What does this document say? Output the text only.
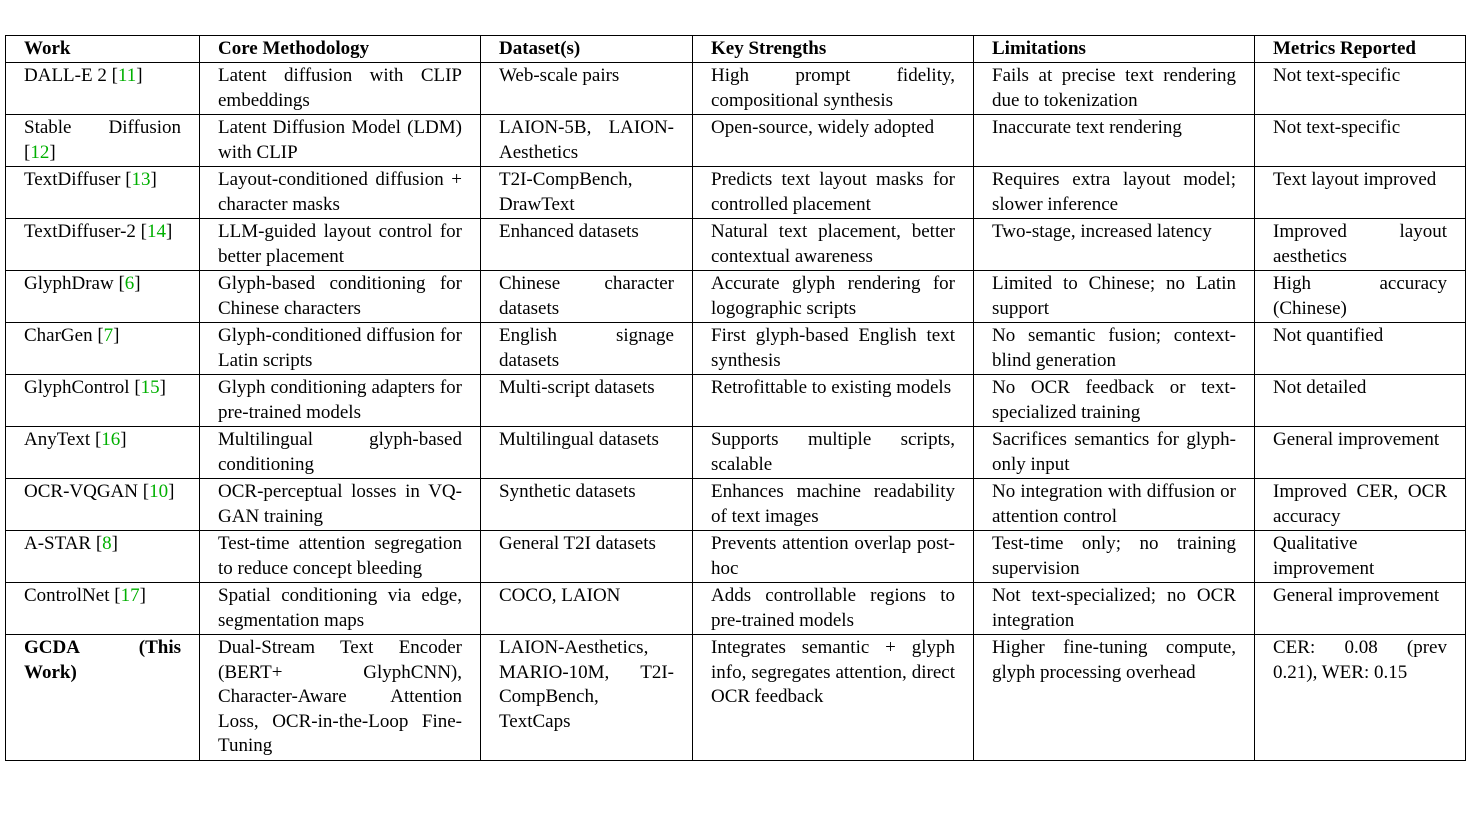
Work	Core Methodology	Dataset(s)	Key Strengths	Limitations	Metrics Reported
DALL-E 2 [11]	Latent diffusion with CLIP embeddings	Web-scale pairs	High prompt fidelity, compositional synthesis	Fails at precise text rendering due to tokenization	Not text-specific
Stable Diffusion [12]	Latent Diffusion Model (LDM) with CLIP	LAION-5B, LAION-Aesthetics	Open-source, widely adopted	Inaccurate text rendering	Not text-specific
TextDiffuser [13]	Layout-conditioned diffusion + character masks	T2I-CompBench, DrawText	Predicts text layout masks for controlled placement	Requires extra layout model; slower inference	Text layout improved
TextDiffuser-2 [14]	LLM-guided layout control for better placement	Enhanced datasets	Natural text placement, better contextual awareness	Two-stage, increased latency	Improved layout aesthetics
GlyphDraw [6]	Glyph-based conditioning for Chinese characters	Chinese character datasets	Accurate glyph rendering for logographic scripts	Limited to Chinese; no Latin support	High accuracy (Chinese)
CharGen [7]	Glyph-conditioned diffusion for Latin scripts	English signage datasets	First glyph-based English text synthesis	No semantic fusion; context-blind generation	Not quantified
GlyphControl [15]	Glyph conditioning adapters for pre-trained models	Multi-script datasets	Retrofittable to existing models	No OCR feedback or text-specialized training	Not detailed
AnyText [16]	Multilingual glyph-based conditioning	Multilingual datasets	Supports multiple scripts, scalable	Sacrifices semantics for glyph-only input	General improvement
OCR-VQGAN [10]	OCR-perceptual losses in VQ-GAN training	Synthetic datasets	Enhances machine readability of text images	No integration with diffusion or attention control	Improved CER, OCR accuracy
A-STAR [8]	Test-time attention segregation to reduce concept bleeding	General T2I datasets	Prevents attention overlap post-hoc	Test-time only; no training supervision	Qualitative improvement
ControlNet [17]	Spatial conditioning via edge, segmentation maps	COCO, LAION	Adds controllable regions to pre-trained models	Not text-specialized; no OCR integration	General improvement
GCDA (This Work)	Dual-Stream Text Encoder (BERT+ GlyphCNN), Character-Aware Attention Loss, OCR-in-the-Loop Fine-Tuning	LAION-Aesthetics, MARIO-10M, T2I-CompBench, TextCaps	Integrates semantic + glyph info, segregates attention, direct OCR feedback	Higher fine-tuning compute, glyph processing overhead	CER: 0.08 (prev 0.21), WER: 0.15
